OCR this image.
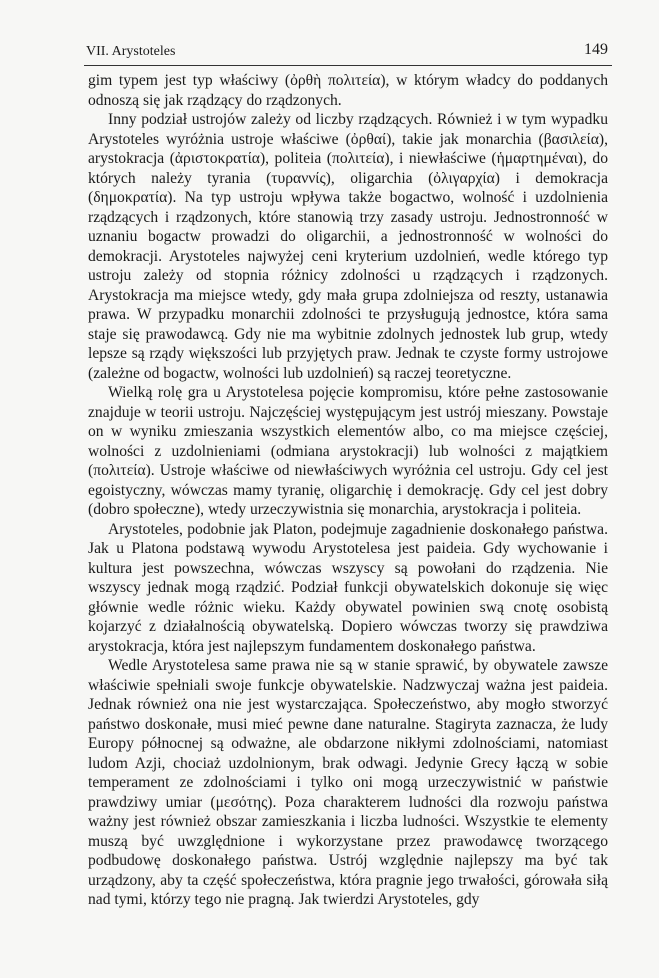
VII. Arystoteles	149

gim typem jest typ właściwy (ὀρθὴ πολιτεία), w którym władcy do poddanych odnoszą się jak rządzący do rządzonych.

Inny podział ustrojów zależy od liczby rządzących. Również i w tym wypadku Arystoteles wyróżnia ustroje właściwe (ὀρθαί), takie jak monarchia (βασιλεία), arystokracja (ἀριστοκρατία), politeia (πολιτεία), i niewłaściwe (ἡμαρτημέναι), do których należy tyrania (τυραννίς), oligarchia (ὀλιγαρχία) i demokracja (δημοκρατία). Na typ ustroju wpływa także bogactwo, wolność i uzdolnienia rządzących i rządzonych, które stanowią trzy zasady ustroju. Jednostronność w uznaniu bogactw prowadzi do oligarchii, a jednostronność w wolności do demokracji. Arystoteles najwyżej ceni kryterium uzdolnień, wedle którego typ ustroju zależy od stopnia różnicy zdolności u rządzących i rządzonych. Arystokracja ma miejsce wtedy, gdy mała grupa zdolniejsza od reszty, ustanawia prawa. W przypadku monarchii zdolności te przysługują jednostce, która sama staje się prawodawcą. Gdy nie ma wybitnie zdolnych jednostek lub grup, wtedy lepsze są rządy większości lub przyjętych praw. Jednak te czyste formy ustrojowe (zależne od bogactw, wolności lub uzdolnień) są raczej teoretyczne.

Wielką rolę gra u Arystotelesa pojęcie kompromisu, które pełne zastosowanie znajduje w teorii ustroju. Najczęściej występującym jest ustrój mieszany. Powstaje on w wyniku zmieszania wszystkich elementów albo, co ma miejsce częściej, wolności z uzdolnieniami (odmiana arystokracji) lub wolności z majątkiem (πολιτεία). Ustroje właściwe od niewłaściwych wyróżnia cel ustroju. Gdy cel jest egoistyczny, wówczas mamy tyranię, oligarchię i demokrację. Gdy cel jest dobry (dobro społeczne), wtedy urzeczywistnia się monarchia, arystokracja i politeia.

Arystoteles, podobnie jak Platon, podejmuje zagadnienie doskonałego państwa. Jak u Platona podstawą wywodu Arystotelesa jest paideia. Gdy wychowanie i kultura jest powszechna, wówczas wszyscy są powołani do rządzenia. Nie wszyscy jednak mogą rządzić. Podział funkcji obywatelskich dokonuje się więc głównie wedle różnic wieku. Każdy obywatel powinien swą cnotę osobistą kojarzyć z działalnością obywatelską. Dopiero wówczas tworzy się prawdziwa arystokracja, która jest najlepszym fundamentem doskonałego państwa.

Wedle Arystotelesa same prawa nie są w stanie sprawić, by obywatele zawsze właściwie spełniali swoje funkcje obywatelskie. Nadzwyczaj ważna jest paideia. Jednak również ona nie jest wystarczająca. Społeczeństwo, aby mogło stworzyć państwo doskonałe, musi mieć pewne dane naturalne. Stagiryta zaznacza, że ludy Europy północnej są odważne, ale obdarzone nikłymi zdolnościami, natomiast ludom Azji, chociaż uzdolnionym, brak odwagi. Jedynie Grecy łączą w sobie temperament ze zdolnościami i tylko oni mogą urzeczywistnić w państwie prawdziwy umiar (μεσότης). Poza charakterem ludności dla rozwoju państwa ważny jest również obszar zamieszkania i liczba ludności. Wszystkie te elementy muszą być uwzględnione i wykorzystane przez prawodawcę tworzącego podbudowę doskonałego państwa. Ustrój względnie najlepszy ma być tak urządzony, aby ta część społeczeństwa, która pragnie jego trwałości, górowała siłą nad tymi, którzy tego nie pragną. Jak twierdzi Arystoteles, gdy
